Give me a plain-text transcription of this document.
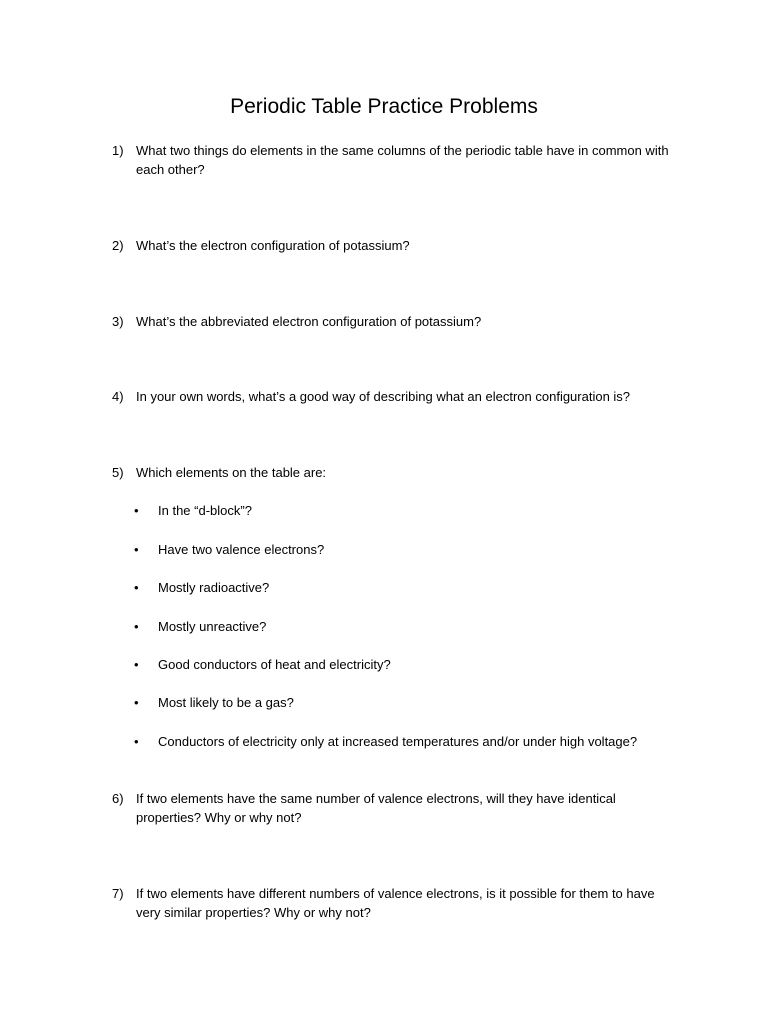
Periodic Table Practice Problems
1) What two things do elements in the same columns of the periodic table have in common with each other?
2) What’s the electron configuration of potassium?
3) What’s the abbreviated electron configuration of potassium?
4) In your own words, what’s a good way of describing what an electron configuration is?
5) Which elements on the table are:
• In the “d-block”?
• Have two valence electrons?
• Mostly radioactive?
• Mostly unreactive?
• Good conductors of heat and electricity?
• Most likely to be a gas?
• Conductors of electricity only at increased temperatures and/or under high voltage?
6) If two elements have the same number of valence electrons, will they have identical properties? Why or why not?
7) If two elements have different numbers of valence electrons, is it possible for them to have very similar properties? Why or why not?
